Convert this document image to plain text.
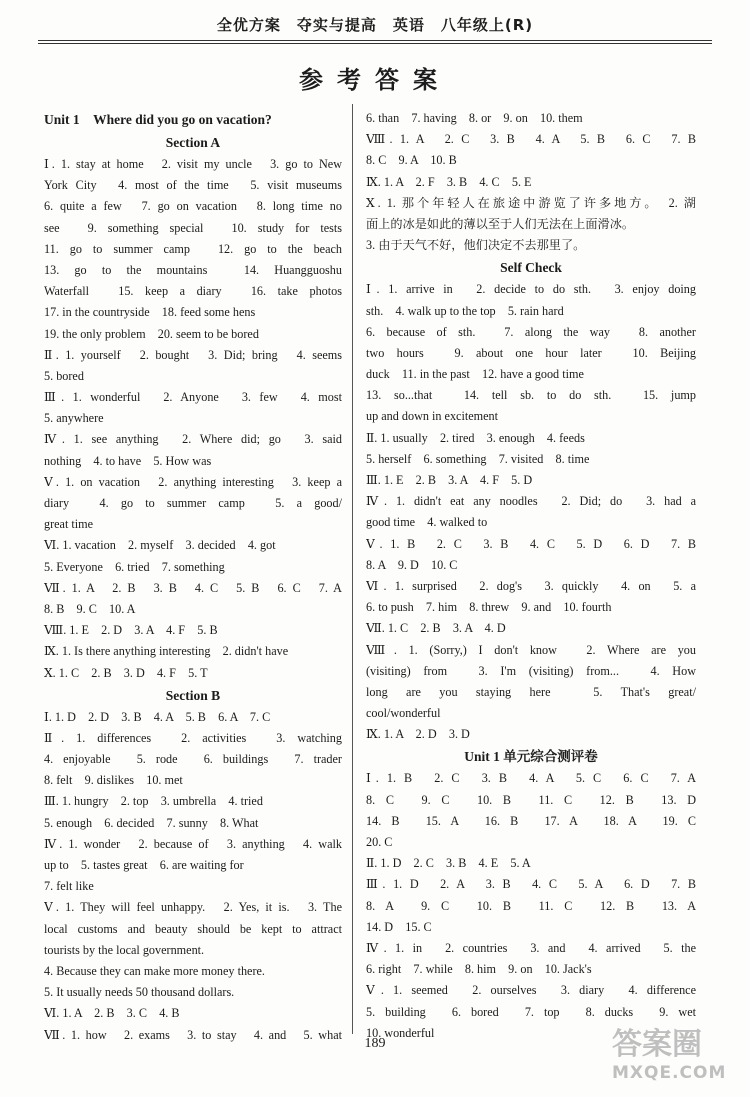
全优方案　夺实与提高　英语　八年级上(R)
参考答案
Unit 1　Where did you go on vacation?
Section A
Ⅰ. 1. stay at home　2. visit my uncle　3. go to New
York City　4. most of the time　5. visit museums
6. quite a few　7. go on vacation　8. long time no
see　9. something special　10. study for tests
11. go to summer camp　12. go to the beach
13. go to the mountains　14. Huangguoshu
Waterfall　15. keep a diary　16. take photos
17. in the countryside　18. feed some hens
19. the only problem　20. seem to be bored
Ⅱ. 1. yourself　2. bought　3. Did; bring　4. seems
5. bored
Ⅲ. 1. wonderful　2. Anyone　3. few　4. most
5. anywhere
Ⅳ. 1. see anything　2. Where did; go　3. said
nothing　4. to have　5. How was
Ⅴ. 1. on vacation　2. anything interesting　3. keep a
diary　4. go to summer camp　5. a good/
great time
Ⅵ. 1. vacation　2. myself　3. decided　4. got
5. Everyone　6. tried　7. something
Ⅶ. 1. A　2. B　3. B　4. C　5. B　6. C　7. A
8. B　9. C　10. A
Ⅷ. 1. E　2. D　3. A　4. F　5. B
Ⅸ. 1. Is there anything interesting　2. didn't have
Ⅹ. 1. C　2. B　3. D　4. F　5. T
Section B
Ⅰ. 1. D　2. D　3. B　4. A　5. B　6. A　7. C
Ⅱ. 1. differences　2. activities　3. watching
4. enjoyable　5. rode　6. buildings　7. trader
8. felt　9. dislikes　10. met
Ⅲ. 1. hungry　2. top　3. umbrella　4. tried
5. enough　6. decided　7. sunny　8. What
Ⅳ. 1. wonder　2. because of　3. anything　4. walk
up to　5. tastes great　6. are waiting for
7. felt like
Ⅴ. 1. They will feel unhappy.　2. Yes, it is.　3. The
local customs and beauty should be kept to attract
tourists by the local government.
4. Because they can make more money there.
5. It usually needs 50 thousand dollars.
Ⅵ. 1. A　2. B　3. C　4. B
Ⅶ. 1. how　2. exams　3. to stay　4. and　5. what
6. than　7. having　8. or　9. on　10. them
Ⅷ. 1. A　2. C　3. B　4. A　5. B　6. C　7. B
8. C　9. A　10. B
Ⅸ. 1. A　2. F　3. B　4. C　5. E
Ⅹ. 1. 那个年轻人在旅途中游览了许多地方。　2. 湖
面上的冰是如此的薄以至于人们无法在上面滑冰。
3. 由于天气不好，他们决定不去那里了。
Self Check
Ⅰ. 1. arrive in　2. decide to do sth.　3. enjoy doing
sth.　4. walk up to the top　5. rain hard
6. because of sth.　7. along the way　8. another
two hours　9. about one hour later　10. Beijing
duck　11. in the past　12. have a good time
13. so...that　14. tell sb. to do sth.　15. jump
up and down in excitement
Ⅱ. 1. usually　2. tired　3. enough　4. feeds
5. herself　6. something　7. visited　8. time
Ⅲ. 1. E　2. B　3. A　4. F　5. D
Ⅳ. 1. didn't eat any noodles　2. Did; do　3. had a
good time　4. walked to
Ⅴ. 1. B　2. C　3. B　4. C　5. D　6. D　7. B
8. A　9. D　10. C
Ⅵ. 1. surprised　2. dog's　3. quickly　4. on　5. a
6. to push　7. him　8. threw　9. and　10. fourth
Ⅶ. 1. C　2. B　3. A　4. D
Ⅷ. 1. (Sorry,) I don't know　2. Where are you
(visiting) from　3. I'm (visiting) from...　4. How
long are you staying here　5. That's great/
cool/wonderful
Ⅸ. 1. A　2. D　3. D
Unit 1 单元综合测评卷
Ⅰ. 1. B　2. C　3. B　4. A　5. C　6. C　7. A
8. C　9. C　10. B　11. C　12. B　13. D
14. B　15. A　16. B　17. A　18. A　19. C
20. C
Ⅱ. 1. D　2. C　3. B　4. E　5. A
Ⅲ. 1. D　2. A　3. B　4. C　5. A　6. D　7. B
8. A　9. C　10. B　11. C　12. B　13. A
14. D　15. C
Ⅳ. 1. in　2. countries　3. and　4. arrived　5. the
6. right　7. while　8. him　9. on　10. Jack's
Ⅴ. 1. seemed　2. ourselves　3. diary　4. difference
5. building　6. bored　7. top　8. ducks　9. wet
10. wonderful
189	答案圈
MXQE.COM
